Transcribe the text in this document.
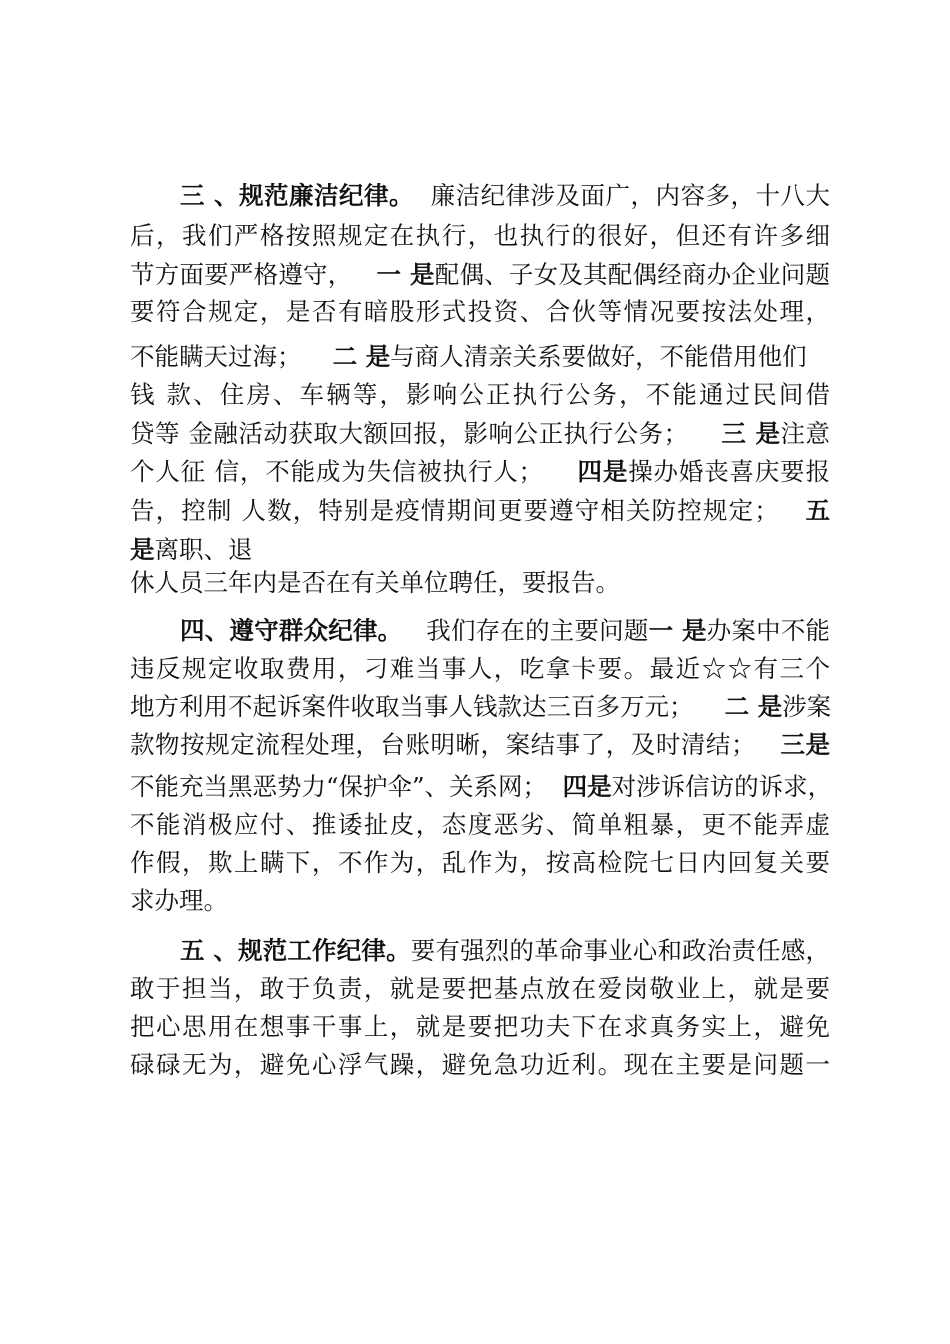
三 、规范廉洁纪律。 廉洁纪律涉及面广，内容多，十八大
后，我们严格按照规定在执行，也执行的很好，但还有许多细
节方面要严格遵守， 一 是配偶、子女及其配偶经商办企业问题
要符合规定，是否有暗股形式投资、合伙等情况要按法处理，
不能瞒天过海； 二 是与商人清亲关系要做好，不能借用他们
钱 款、住房、车辆等，影响公正执行公务，不能通过民间借
贷等 金融活动获取大额回报，影响公正执行公务； 三 是注意
个人征 信，不能成为失信被执行人； 四是操办婚丧喜庆要报
告，控制 人数，特别是疫情期间更要遵守相关防控规定； 五
是离职、退
休人员三年内是否在有关单位聘任，要报告。
四、遵守群众纪律。 我们存在的主要问题一 是办案中不能
违反规定收取费用，刁难当事人，吃拿卡要。最近☆☆有三个
地方利用不起诉案件收取当事人钱款达三百多万元； 二 是涉案
款物按规定流程处理，台账明晰，案结事了，及时清结； 三是
不能充当黑恶势力“保护伞”、关系网； 四是对涉诉信访的诉求，
不能消极应付、推诿扯皮，态度恶劣、简单粗暴，更不能弄虚
作假，欺上瞒下，不作为，乱作为，按高检院七日内回复关要
求办理。
五 、规范工作纪律。要有强烈的革命事业心和政治责任感，
敢于担当，敢于负责，就是要把基点放在爱岗敬业上，就是要
把心思用在想事干事上，就是要把功夫下在求真务实上，避免
碌碌无为，避免心浮气躁，避免急功近利。现在主要是问题一
